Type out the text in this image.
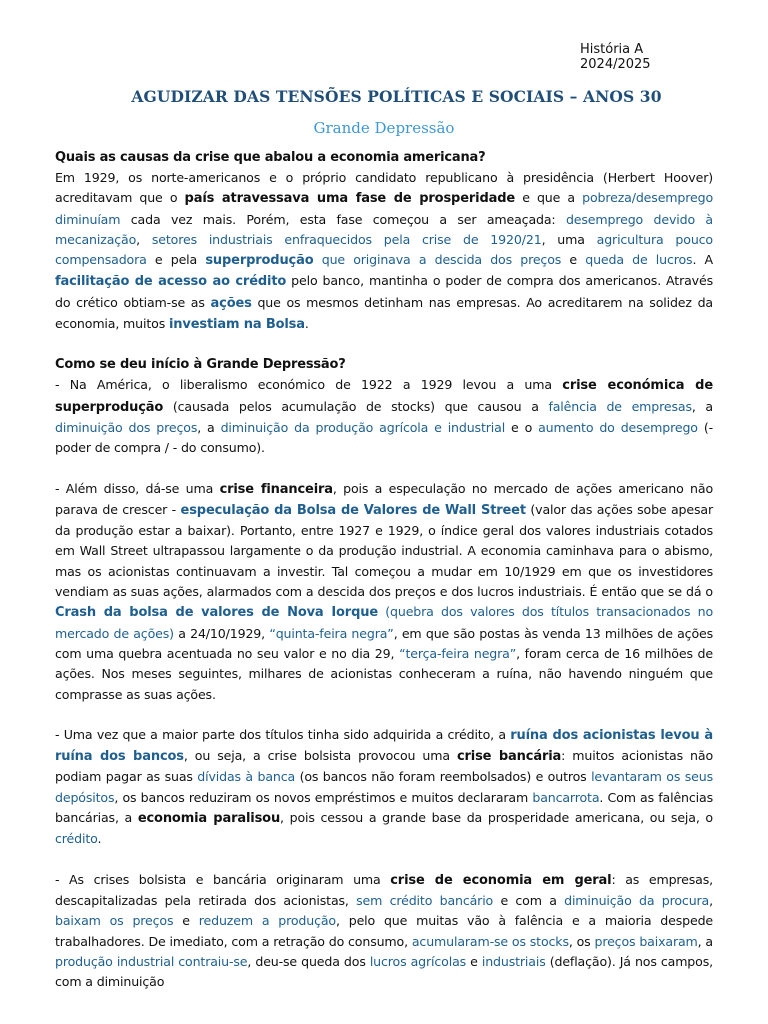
História A
2024/2025
AGUDIZAR DAS TENSÕES POLÍTICAS E SOCIAIS – ANOS 30
Grande Depressão

Quais as causas da crise que abalou a economia americana?

Em 1929, os norte-americanos e o próprio candidato republicano à presidência (Herbert Hoover) acreditavam que o país atravessava uma fase de prosperidade e que a pobreza/desemprego diminuíam cada vez mais. Porém, esta fase começou a ser ameaçada: desemprego devido à mecanização, setores industriais enfraquecidos pela crise de 1920/21, uma agricultura pouco compensadora e pela superprodução que originava a descida dos preços e queda de lucros. A facilitação de acesso ao crédito pelo banco, mantinha o poder de compra dos americanos. Através do crético obtiam-se as ações que os mesmos detinham nas empresas. Ao acreditarem na solidez da economia, muitos investiam na Bolsa.

Como se deu início à Grande Depressão?

- Na América, o liberalismo económico de 1922 a 1929 levou a uma crise económica de superprodução (causada pelos acumulação de stocks) que causou a falência de empresas, a diminuição dos preços, a diminuição da produção agrícola e industrial e o aumento do desemprego (- poder de compra / - do consumo).

- Além disso, dá-se uma crise financeira, pois a especulação no mercado de ações americano não parava de crescer - especulação da Bolsa de Valores de Wall Street (valor das ações sobe apesar da produção estar a baixar). Portanto, entre 1927 e 1929, o índice geral dos valores industriais cotados em Wall Street ultrapassou largamente o da produção industrial. A economia caminhava para o abismo, mas os acionistas continuavam a investir. Tal começou a mudar em 10/1929 em que os investidores vendiam as suas ações, alarmados com a descida dos preços e dos lucros industriais. É então que se dá o Crash da bolsa de valores de Nova Iorque (quebra dos valores dos títulos transacionados no mercado de ações) a 24/10/1929, “quinta-feira negra”, em que são postas às venda 13 milhões de ações com uma quebra acentuada no seu valor e no dia 29, “terça-feira negra”, foram cerca de 16 milhões de ações. Nos meses seguintes, milhares de acionistas conheceram a ruína, não havendo ninguém que comprasse as suas ações.

- Uma vez que a maior parte dos títulos tinha sido adquirida a crédito, a ruína dos acionistas levou à ruína dos bancos, ou seja, a crise bolsista provocou uma crise bancária: muitos acionistas não podiam pagar as suas dívidas à banca (os bancos não foram reembolsados) e outros levantaram os seus depósitos, os bancos reduziram os novos empréstimos e muitos declararam bancarrota. Com as falências bancárias, a economia paralisou, pois cessou a grande base da prosperidade americana, ou seja, o crédito.

- As crises bolsista e bancária originaram uma crise de economia em geral: as empresas, descapitalizadas pela retirada dos acionistas, sem crédito bancário e com a diminuição da procura, baixam os preços e reduzem a produção, pelo que muitas vão à falência e a maioria despede trabalhadores. De imediato, com a retração do consumo, acumularam-se os stocks, os preços baixaram, a produção industrial contraiu-se, deu-se queda dos lucros agrícolas e industriais (deflação). Já nos campos, com a diminuição
